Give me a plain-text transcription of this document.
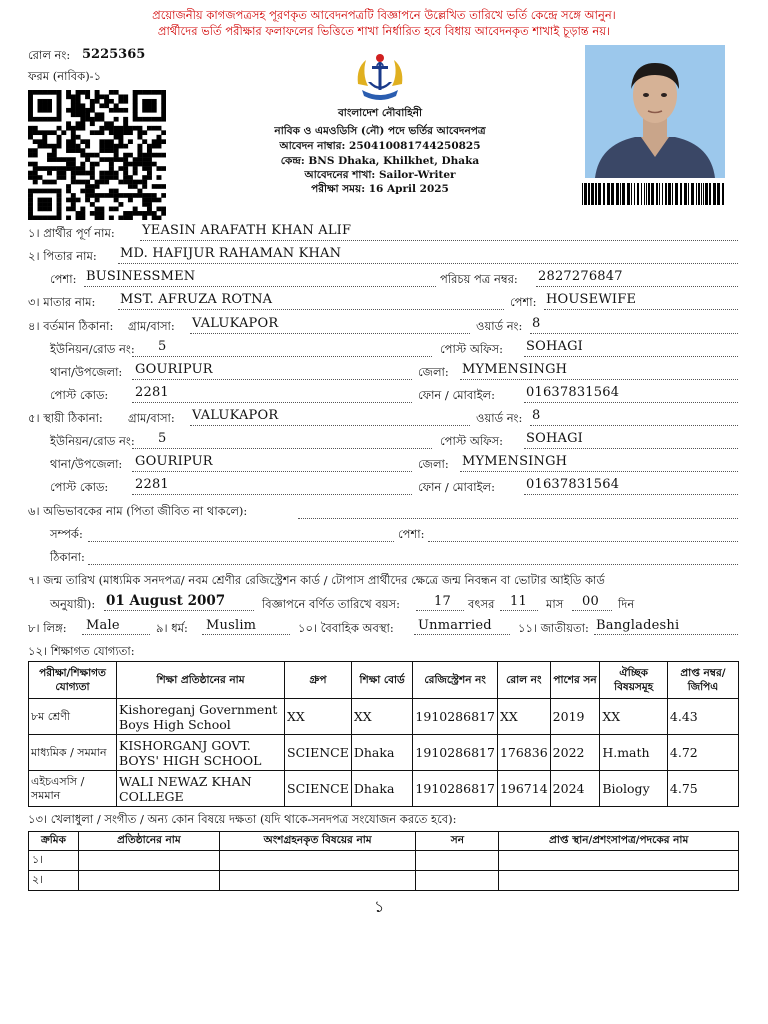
প্রয়োজনীয় কাগজপত্রসহ পূরণকৃত আবেদনপত্রটি বিজ্ঞাপনে উল্লেখিত তারিখে ভর্তি কেন্দ্রে সঙ্গে আনুন।
প্রার্থীদের ভর্তি পরীক্ষার ফলাফলের ভিত্তিতে শাখা নির্ধারিত হবে বিধায় আবেদনকৃত শাখাই চূড়ান্ত নয়।
রোল নং: 5225365
ফরম (নাবিক)-১
বাংলাদেশ নৌবাহিনী
নাবিক ও এমওডিসি (নৌ) পদে ভর্তির আবেদনপত্র
আবেদন নাম্বার: 250410081744250825
কেন্দ্র: BNS Dhaka, Khilkhet, Dhaka
আবেদনের শাখা: Sailor-Writer
পরীক্ষা সময়: 16 April 2025
১। প্রার্থীর পূর্ণ নাম: YEASIN ARAFATH KHAN ALIF
২। পিতার নাম: MD. HAFIJUR RAHAMAN KHAN
পেশা: BUSINESSMEN	পরিচয় পত্র নম্বর: 2827276847
৩। মাতার নাম: MST. AFRUZA ROTNA	পেশা: HOUSEWIFE
৪। বর্তমান ঠিকানা: গ্রাম/বাসা: VALUKAPOR	ওয়ার্ড নং: 8
ইউনিয়ন/রোড নং: 5	পোস্ট অফিস: SOHAGI
থানা/উপজেলা: GOURIPUR	জেলা: MYMENSINGH
পোস্ট কোড: 2281	ফোন / মোবাইল: 01637831564
৫। স্থায়ী ঠিকানা: গ্রাম/বাসা: VALUKAPOR	ওয়ার্ড নং: 8
ইউনিয়ন/রোড নং: 5	পোস্ট অফিস: SOHAGI
থানা/উপজেলা: GOURIPUR	জেলা: MYMENSINGH
পোস্ট কোড: 2281	ফোন / মোবাইল: 01637831564
৬। অভিভাবকের নাম (পিতা জীবিত না থাকলে):
সম্পর্ক:	পেশা:
ঠিকানা:
৭। জন্ম তারিখ (মাধ্যমিক সনদপত্র/ নবম শ্রেণীর রেজিস্ট্রেশন কার্ড / টোপাস প্রার্থীদের ক্ষেত্রে জন্ম নিবন্ধন বা ভোটার আইডি কার্ড
অনুযায়ী): 01 August 2007	বিজ্ঞাপনে বর্ণিত তারিখে বয়স:	17 বৎসর 11 মাস 00 দিন
৮। লিঙ্গ: Male	৯। ধর্ম: Muslim	১০। বৈবাহিক অবস্থা: Unmarried ১১। জাতীয়তা: Bangladeshi
১২। শিক্ষাগত যোগ্যতা:
পরীক্ষা/শিক্ষাগত যোগ্যতা	শিক্ষা প্রতিষ্ঠানের নাম	গ্রুপ	শিক্ষা বোর্ড	রেজিস্ট্রেশন নং	রোল নং	পাশের সন	ঐচ্ছিক বিষয়সমূহ	প্রাপ্ত নম্বর/জিপিএ
৮ম শ্রেণী	Kishoreganj Government Boys High School	XX	XX	1910286817	XX	2019	XX	4.43
মাধ্যমিক / সমমান	KISHORGANJ GOVT. BOYS' HIGH SCHOOL	SCIENCE	Dhaka	1910286817	176836	2022	H.math	4.72
এইচএসসি / সমমান	WALI NEWAZ KHAN COLLEGE	SCIENCE	Dhaka	1910286817	196714	2024	Biology	4.75
১৩। খেলাধুলা / সংগীত / অন্য কোন বিষয়ে দক্ষতা (যদি থাকে-সনদপত্র সংযোজন করতে হবে):
ক্রমিক	প্রতিষ্ঠানের নাম	অংশগ্রহনকৃত বিষয়ের নাম	সন	প্রাপ্ত স্থান/প্রশংসাপত্র/পদকের নাম
১।				
২।				
১
